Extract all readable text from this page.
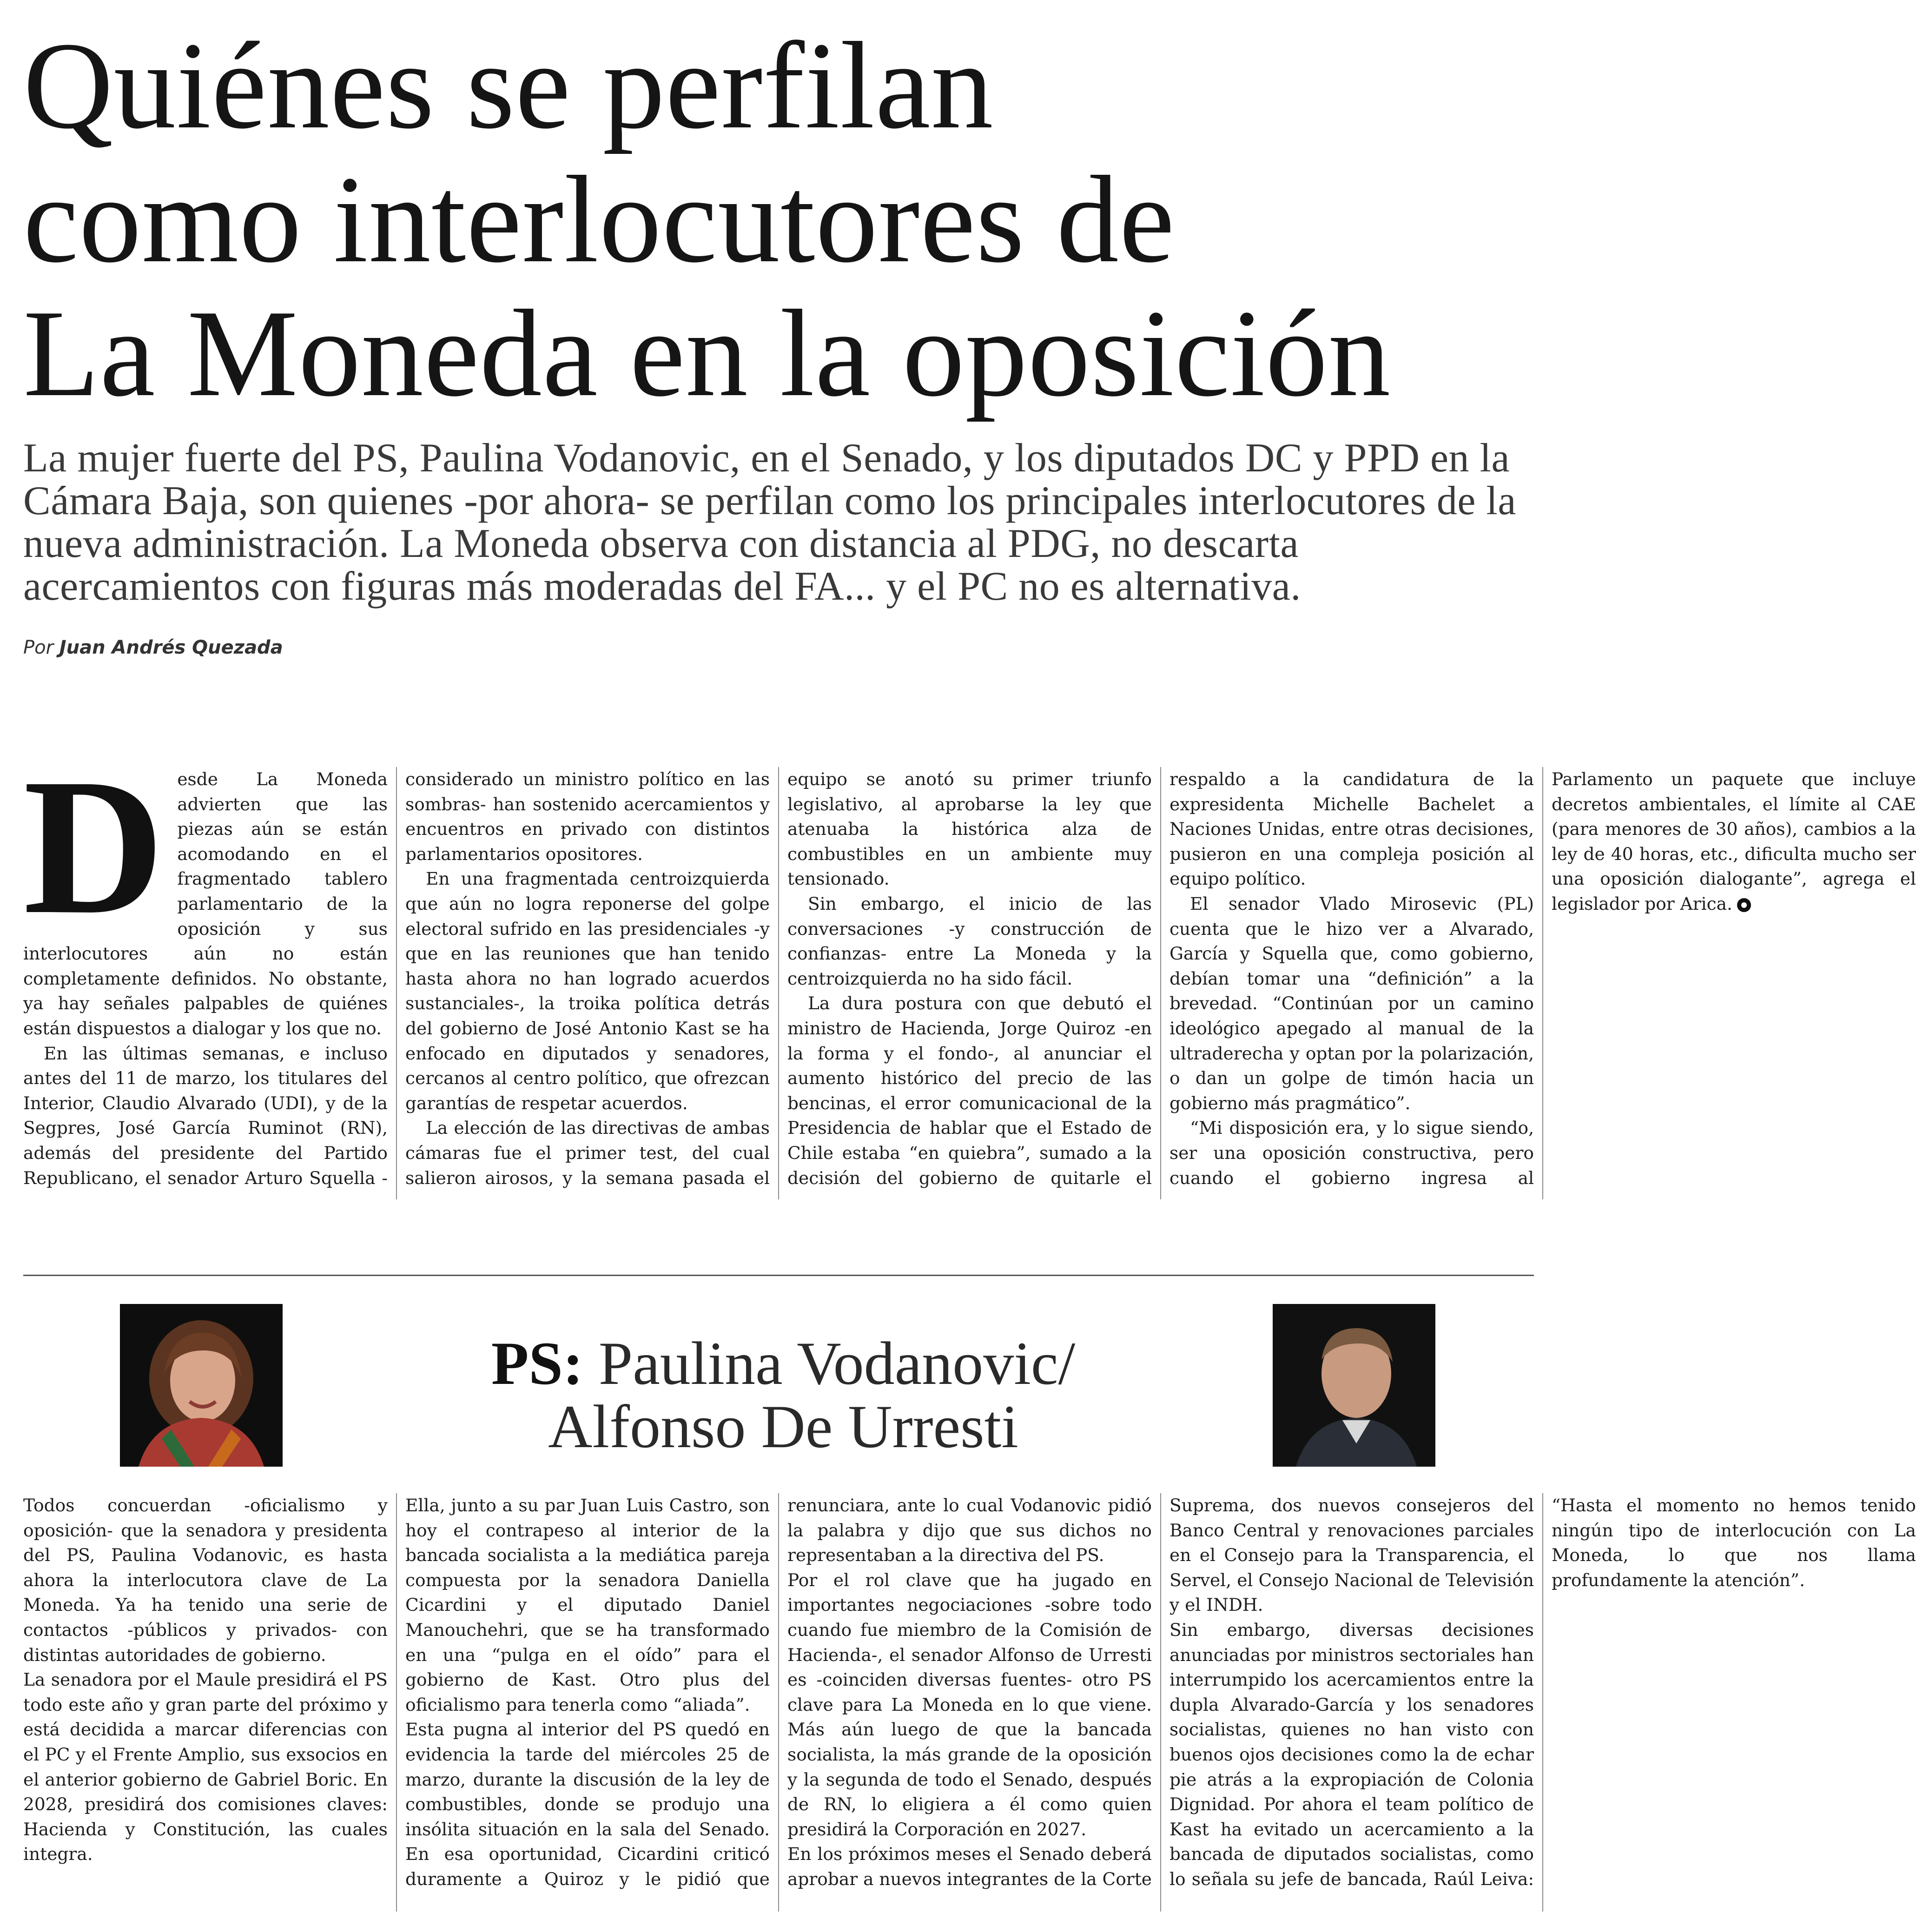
Quiénes se perfilan
como interlocutores de
La Moneda en la oposición

La mujer fuerte del PS, Paulina Vodanovic, en el Senado, y los diputados DC y PPD en la Cámara Baja, son quienes -por ahora- se perfilan como los principales interlocutores de la nueva administración. La Moneda observa con distancia al PDG, no descarta acercamientos con figuras más moderadas del FA... y el PC no es alternativa.

Por Juan Andrés Quezada

Desde La Moneda advierten que las piezas aún se están acomodando en el fragmentado tablero parlamentario de la oposición y sus interlocutores aún no están completamente definidos. No obstante, ya hay señales palpables de quiénes están dispuestos a dialogar y los que no.

En las últimas semanas, e incluso antes del 11 de marzo, los titulares del Interior, Claudio Alvarado (UDI), y de la Segpres, José García Ruminot (RN), además del presidente del Partido Republicano, el senador Arturo Squella -considerado un ministro político en las sombras- han sostenido acercamientos y encuentros en privado con distintos parlamentarios opositores.

En una fragmentada centroizquierda que aún no logra reponerse del golpe electoral sufrido en las presidenciales -y que en las reuniones que han tenido hasta ahora no han logrado acuerdos sustanciales-, la troika política detrás del gobierno de José Antonio Kast se ha enfocado en diputados y senadores, cercanos al centro político, que ofrezcan garantías de respetar acuerdos.

La elección de las directivas de ambas cámaras fue el primer test, del cual salieron airosos, y la semana pasada el equipo se anotó su primer triunfo legislativo, al aprobarse la ley que atenuaba la histórica alza de combustibles en un ambiente muy tensionado.

Sin embargo, el inicio de las conversaciones -y construcción de confianzas- entre La Moneda y la centroizquierda no ha sido fácil.

La dura postura con que debutó el ministro de Hacienda, Jorge Quiroz -en la forma y el fondo-, al anunciar el aumento histórico del precio de las bencinas, el error comunicacional de la Presidencia de hablar que el Estado de Chile estaba “en quiebra”, sumado a la decisión del gobierno de quitarle el respaldo a la candidatura de la expresidenta Michelle Bachelet a Naciones Unidas, entre otras decisiones, pusieron en una compleja posición al equipo político.

El senador Vlado Mirosevic (PL) cuenta que le hizo ver a Alvarado, García y Squella que, como gobierno, debían tomar una “definición” a la brevedad. “Continúan por un camino ideológico apegado al manual de la ultraderecha y optan por la polarización, o dan un golpe de timón hacia un gobierno más pragmático”.

“Mi disposición era, y lo sigue siendo, ser una oposición constructiva, pero cuando el gobierno ingresa al Parlamento un paquete que incluye decretos ambientales, el límite al CAE (para menores de 30 años), cambios a la ley de 40 horas, etc., dificulta mucho ser una oposición dialogante”, agrega el legislador por Arica.

PS: Paulina Vodanovic/
Alfonso De Urresti

Todos concuerdan -oficialismo y oposición- que la senadora y presidenta del PS, Paulina Vodanovic, es hasta ahora la interlocutora clave de La Moneda. Ya ha tenido una serie de contactos -públicos y privados- con distintas autoridades de gobierno.

La senadora por el Maule presidirá el PS todo este año y gran parte del próximo y está decidida a marcar diferencias con el PC y el Frente Amplio, sus exsocios en el anterior gobierno de Gabriel Boric. En 2028, presidirá dos comisiones claves: Hacienda y Constitución, las cuales integra.

Ella, junto a su par Juan Luis Castro, son hoy el contrapeso al interior de la bancada socialista a la mediática pareja compuesta por la senadora Daniella Cicardini y el diputado Daniel Manouchehri, que se ha transformado en una “pulga en el oído” para el gobierno de Kast. Otro plus del oficialismo para tenerla como “aliada”.

Esta pugna al interior del PS quedó en evidencia la tarde del miércoles 25 de marzo, durante la discusión de la ley de combustibles, donde se produjo una insólita situación en la sala del Senado. En esa oportunidad, Cicardini criticó duramente a Quiroz y le pidió que renunciara, ante lo cual Vodanovic pidió la palabra y dijo que sus dichos no representaban a la directiva del PS.

Por el rol clave que ha jugado en importantes negociaciones -sobre todo cuando fue miembro de la Comisión de Hacienda-, el senador Alfonso de Urresti es -coinciden diversas fuentes- otro PS clave para La Moneda en lo que viene. Más aún luego de que la bancada socialista, la más grande de la oposición y la segunda de todo el Senado, después de RN, lo eligiera a él como quien presidirá la Corporación en 2027.

En los próximos meses el Senado deberá aprobar a nuevos integrantes de la Corte Suprema, dos nuevos consejeros del Banco Central y renovaciones parciales en el Consejo para la Transparencia, el Servel, el Consejo Nacional de Televisión y el INDH.

Sin embargo, diversas decisiones anunciadas por ministros sectoriales han interrumpido los acercamientos entre la dupla Alvarado-García y los senadores socialistas, quienes no han visto con buenos ojos decisiones como la de echar pie atrás a la expropiación de Colonia Dignidad. Por ahora el team político de Kast ha evitado un acercamiento a la bancada de diputados socialistas, como lo señala su jefe de bancada, Raúl Leiva: “Hasta el momento no hemos tenido ningún tipo de interlocución con La Moneda, lo que nos llama profundamente la atención”.
